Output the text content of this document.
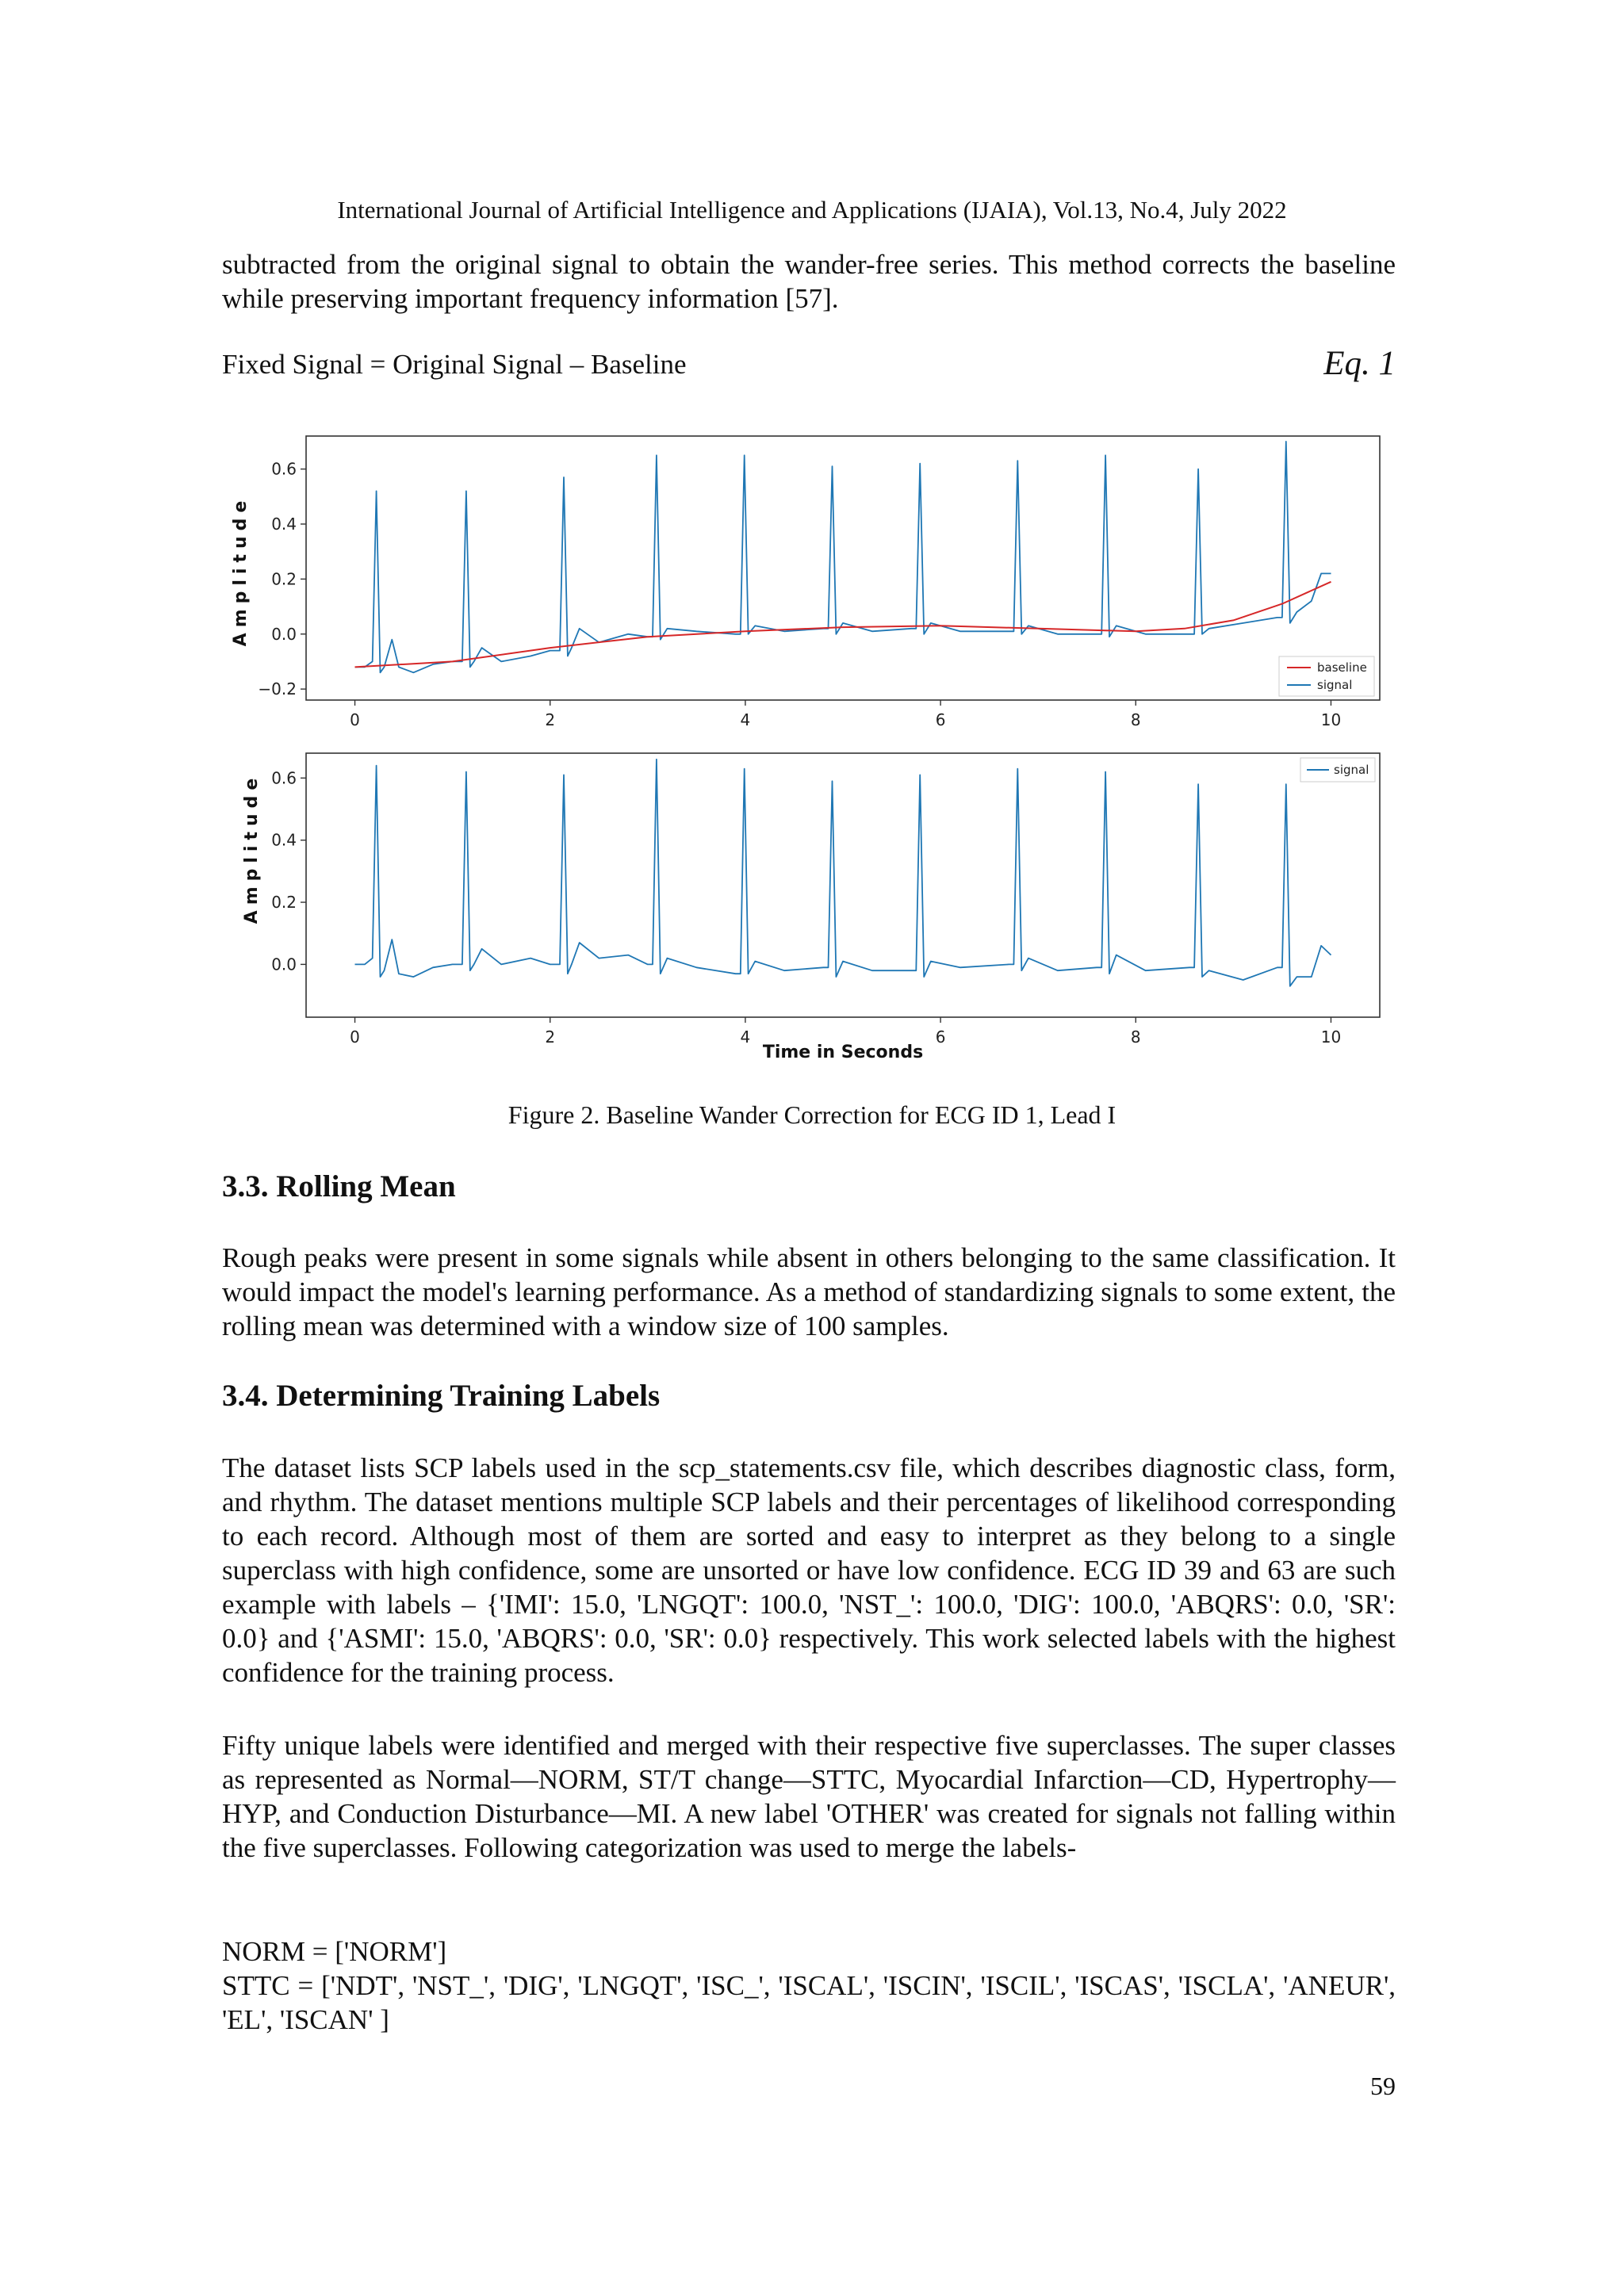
International Journal of Artificial Intelligence and Applications (IJAIA), Vol.13, No.4, July 2022
subtracted from the original signal to obtain the wander-free series. This method corrects the baseline while preserving important frequency information [57].
Fixed Signal = Original Signal – Baseline	Eq. 1
Amplitude
−0.2
0.0
0.2
0.4
0.6
0	2	4	6	8	10
baseline
signal
Amplitude
0.0
0.2
0.4
0.6
0	2	4	6	8	10
signal
Time in Seconds
Figure 2. Baseline Wander Correction for ECG ID 1, Lead I
3.3. Rolling Mean
Rough peaks were present in some signals while absent in others belonging to the same classification. It would impact the model's learning performance. As a method of standardizing signals to some extent, the rolling mean was determined with a window size of 100 samples.
3.4. Determining Training Labels
The dataset lists SCP labels used in the scp_statements.csv file, which describes diagnostic class, form, and rhythm. The dataset mentions multiple SCP labels and their percentages of likelihood corresponding to each record. Although most of them are sorted and easy to interpret as they belong to a single superclass with high confidence, some are unsorted or have low confidence. ECG ID 39 and 63 are such example with labels – {'IMI': 15.0, 'LNGQT': 100.0, 'NST_': 100.0, 'DIG': 100.0, 'ABQRS': 0.0, 'SR': 0.0} and {'ASMI': 15.0, 'ABQRS': 0.0, 'SR': 0.0} respectively. This work selected labels with the highest confidence for the training process.
Fifty unique labels were identified and merged with their respective five superclasses. The super classes as represented as Normal—NORM, ST/T change—STTC, Myocardial Infarction—CD, Hypertrophy—HYP, and Conduction Disturbance—MI. A new label 'OTHER' was created for signals not falling within the five superclasses. Following categorization was used to merge the labels-
NORM = ['NORM']
STTC = ['NDT', 'NST_', 'DIG', 'LNGQT', 'ISC_', 'ISCAL', 'ISCIN', 'ISCIL', 'ISCAS', 'ISCLA', 'ANEUR', 'EL', 'ISCAN' ]
59
